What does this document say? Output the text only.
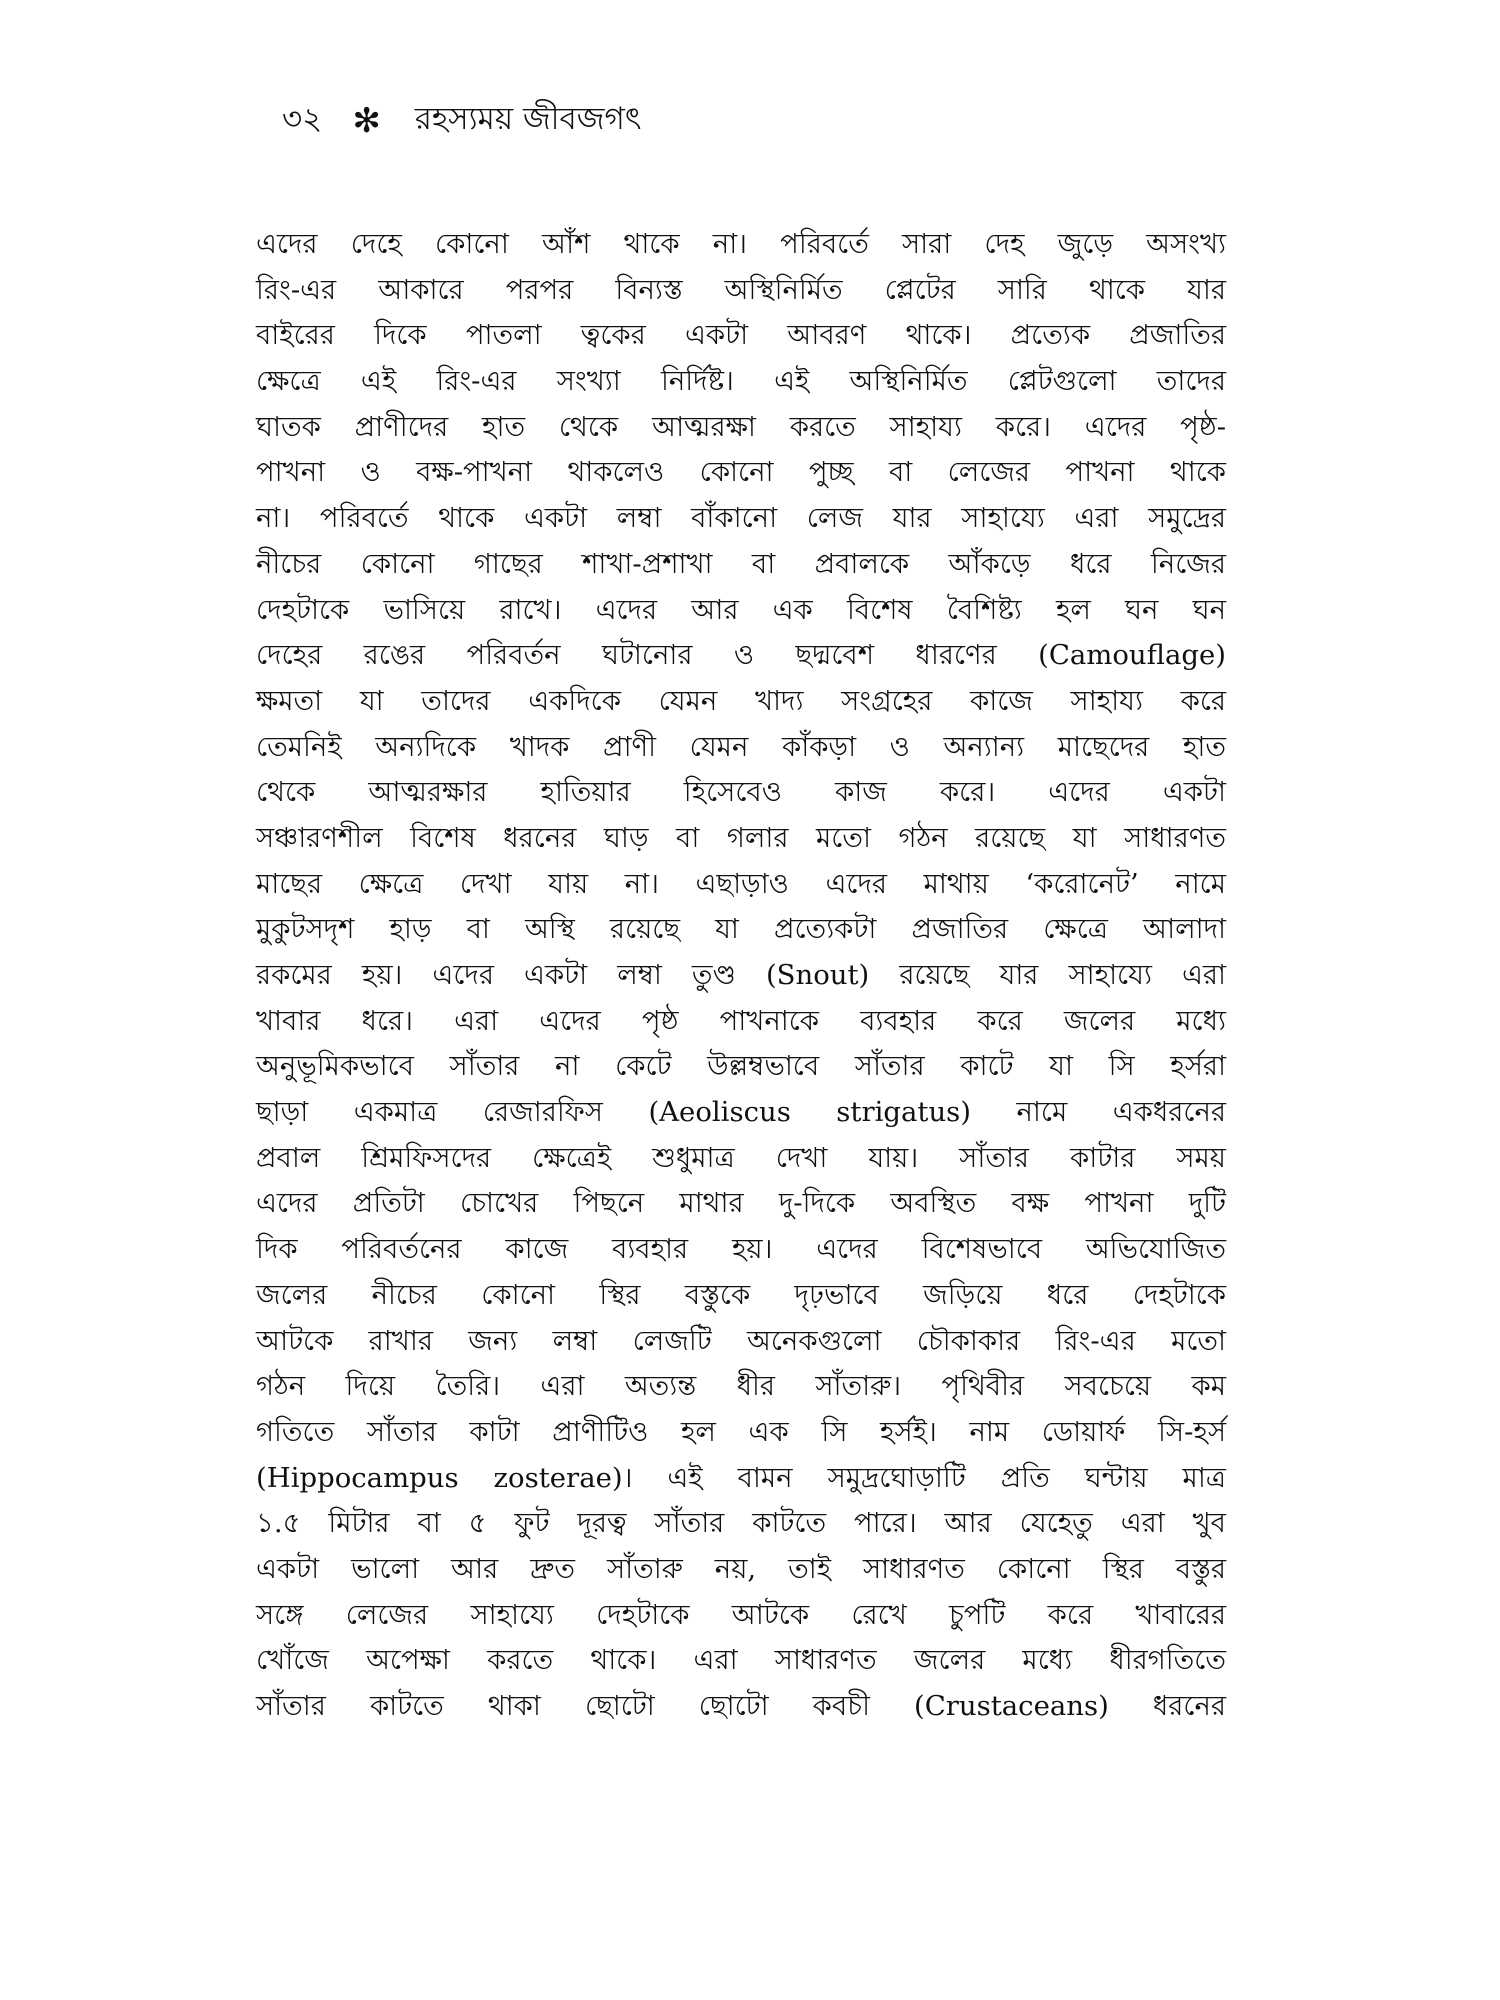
৩২ ✻ রহস্যময় জীবজগৎ
এদের দেহে কোনো আঁশ থাকে না। পরিবর্তে সারা দেহ জুড়ে অসংখ্য
রিং-এর আকারে পরপর বিন্যস্ত অস্থিনির্মিত প্লেটের সারি থাকে যার
বাইরের দিকে পাতলা ত্বকের একটা আবরণ থাকে। প্রত্যেক প্রজাতির
ক্ষেত্রে এই রিং-এর সংখ্যা নির্দিষ্ট। এই অস্থিনির্মিত প্লেটগুলো তাদের
ঘাতক প্রাণীদের হাত থেকে আত্মরক্ষা করতে সাহায্য করে। এদের পৃষ্ঠ-
পাখনা ও বক্ষ-পাখনা থাকলেও কোনো পুচ্ছ বা লেজের পাখনা থাকে
না। পরিবর্তে থাকে একটা লম্বা বাঁকানো লেজ যার সাহায্যে এরা সমুদ্রের
নীচের কোনো গাছের শাখা-প্রশাখা বা প্রবালকে আঁকড়ে ধরে নিজের
দেহটাকে ভাসিয়ে রাখে। এদের আর এক বিশেষ বৈশিষ্ট্য হল ঘন ঘন
দেহের রঙের পরিবর্তন ঘটানোর ও ছদ্মবেশ ধারণের (Camouflage)
ক্ষমতা যা তাদের একদিকে যেমন খাদ্য সংগ্রহের কাজে সাহায্য করে
তেমনিই অন্যদিকে খাদক প্রাণী যেমন কাঁকড়া ও অন্যান্য মাছেদের হাত
থেকে আত্মরক্ষার হাতিয়ার হিসেবেও কাজ করে। এদের একটা
সঞ্চারণশীল বিশেষ ধরনের ঘাড় বা গলার মতো গঠন রয়েছে যা সাধারণত
মাছের ক্ষেত্রে দেখা যায় না। এছাড়াও এদের মাথায় ‘করোনেট’ নামে
মুকুটসদৃশ হাড় বা অস্থি রয়েছে যা প্রত্যেকটা প্রজাতির ক্ষেত্রে আলাদা
রকমের হয়। এদের একটা লম্বা তুণ্ড (Snout) রয়েছে যার সাহায্যে এরা
খাবার ধরে। এরা এদের পৃষ্ঠ পাখনাকে ব্যবহার করে জলের মধ্যে
অনুভূমিকভাবে সাঁতার না কেটে উল্লম্বভাবে সাঁতার কাটে যা সি হর্সরা
ছাড়া একমাত্র রেজারফিস (Aeoliscus strigatus) নামে একধরনের
প্রবাল শ্রিমফিসদের ক্ষেত্রেই শুধুমাত্র দেখা যায়। সাঁতার কাটার সময়
এদের প্রতিটা চোখের পিছনে মাথার দু-দিকে অবস্থিত বক্ষ পাখনা দুটি
দিক পরিবর্তনের কাজে ব্যবহার হয়। এদের বিশেষভাবে অভিযোজিত
জলের নীচের কোনো স্থির বস্তুকে দৃঢ়ভাবে জড়িয়ে ধরে দেহটাকে
আটকে রাখার জন্য লম্বা লেজটি অনেকগুলো চৌকাকার রিং-এর মতো
গঠন দিয়ে তৈরি। এরা অত্যন্ত ধীর সাঁতারু। পৃথিবীর সবচেয়ে কম
গতিতে সাঁতার কাটা প্রাণীটিও হল এক সি হর্সই। নাম ডোয়ার্ফ সি-হর্স
(Hippocampus zosterae)। এই বামন সমুদ্রঘোড়াটি প্রতি ঘন্টায় মাত্র
১.৫ মিটার বা ৫ ফুট দূরত্ব সাঁতার কাটতে পারে। আর যেহেতু এরা খুব
একটা ভালো আর দ্রুত সাঁতারু নয়, তাই সাধারণত কোনো স্থির বস্তুর
সঙ্গে লেজের সাহায্যে দেহটাকে আটকে রেখে চুপটি করে খাবারের
খোঁজে অপেক্ষা করতে থাকে। এরা সাধারণত জলের মধ্যে ধীরগতিতে
সাঁতার কাটতে থাকা ছোটো ছোটো কবচী (Crustaceans) ধরনের
